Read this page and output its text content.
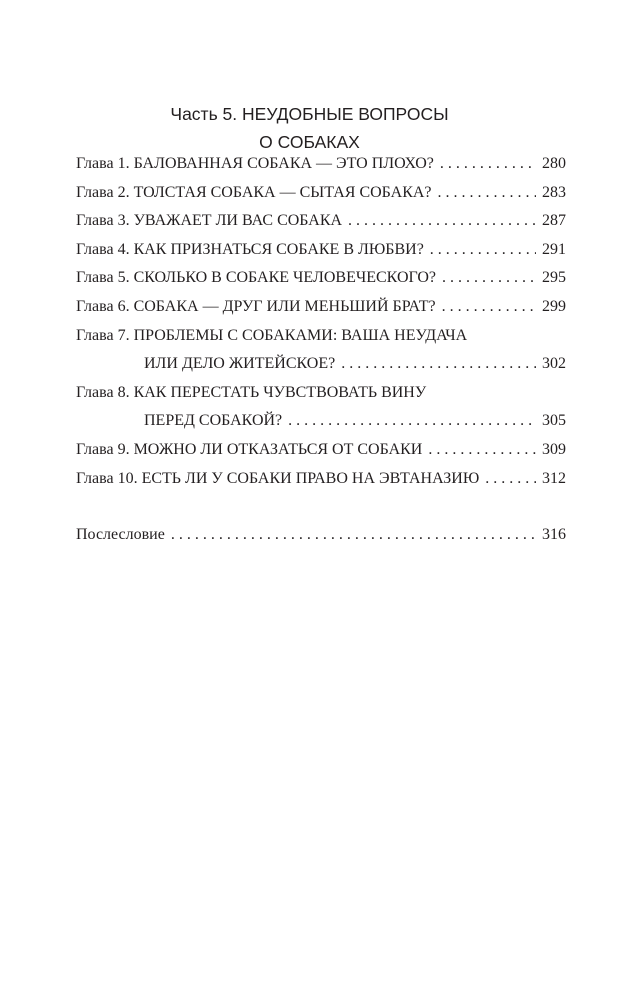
Часть 5. НЕУДОБНЫЕ ВОПРОСЫ
О СОБАКАХ
Глава 1. БАЛОВАННАЯ СОБАКА — ЭТО ПЛОХО? . . .	280
Глава 2. ТОЛСТАЯ СОБАКА — СЫТАЯ СОБАКА? . . .	283
Глава 3. УВАЖАЕТ ЛИ ВАС СОБАКА . . .	287
Глава 4. КАК ПРИЗНАТЬСЯ СОБАКЕ В ЛЮБВИ? . . .	291
Глава 5. СКОЛЬКО В СОБАКЕ ЧЕЛОВЕЧЕСКОГО? . . .	295
Глава 6. СОБАКА — ДРУГ ИЛИ МЕНЬШИЙ БРАТ? . . .	299
Глава 7. ПРОБЛЕМЫ С СОБАКАМИ: ВАША НЕУДАЧА
ИЛИ ДЕЛО ЖИТЕЙСКОЕ? . . .	302
Глава 8. КАК ПЕРЕСТАТЬ ЧУВСТВОВАТЬ ВИНУ
ПЕРЕД СОБАКОЙ? . . .	305
Глава 9. МОЖНО ЛИ ОТКАЗАТЬСЯ ОТ СОБАКИ . . .	309
Глава 10. ЕСТЬ ЛИ У СОБАКИ ПРАВО НА ЭВТАНАЗИЮ . . .	312
Послесловие . . .	316
